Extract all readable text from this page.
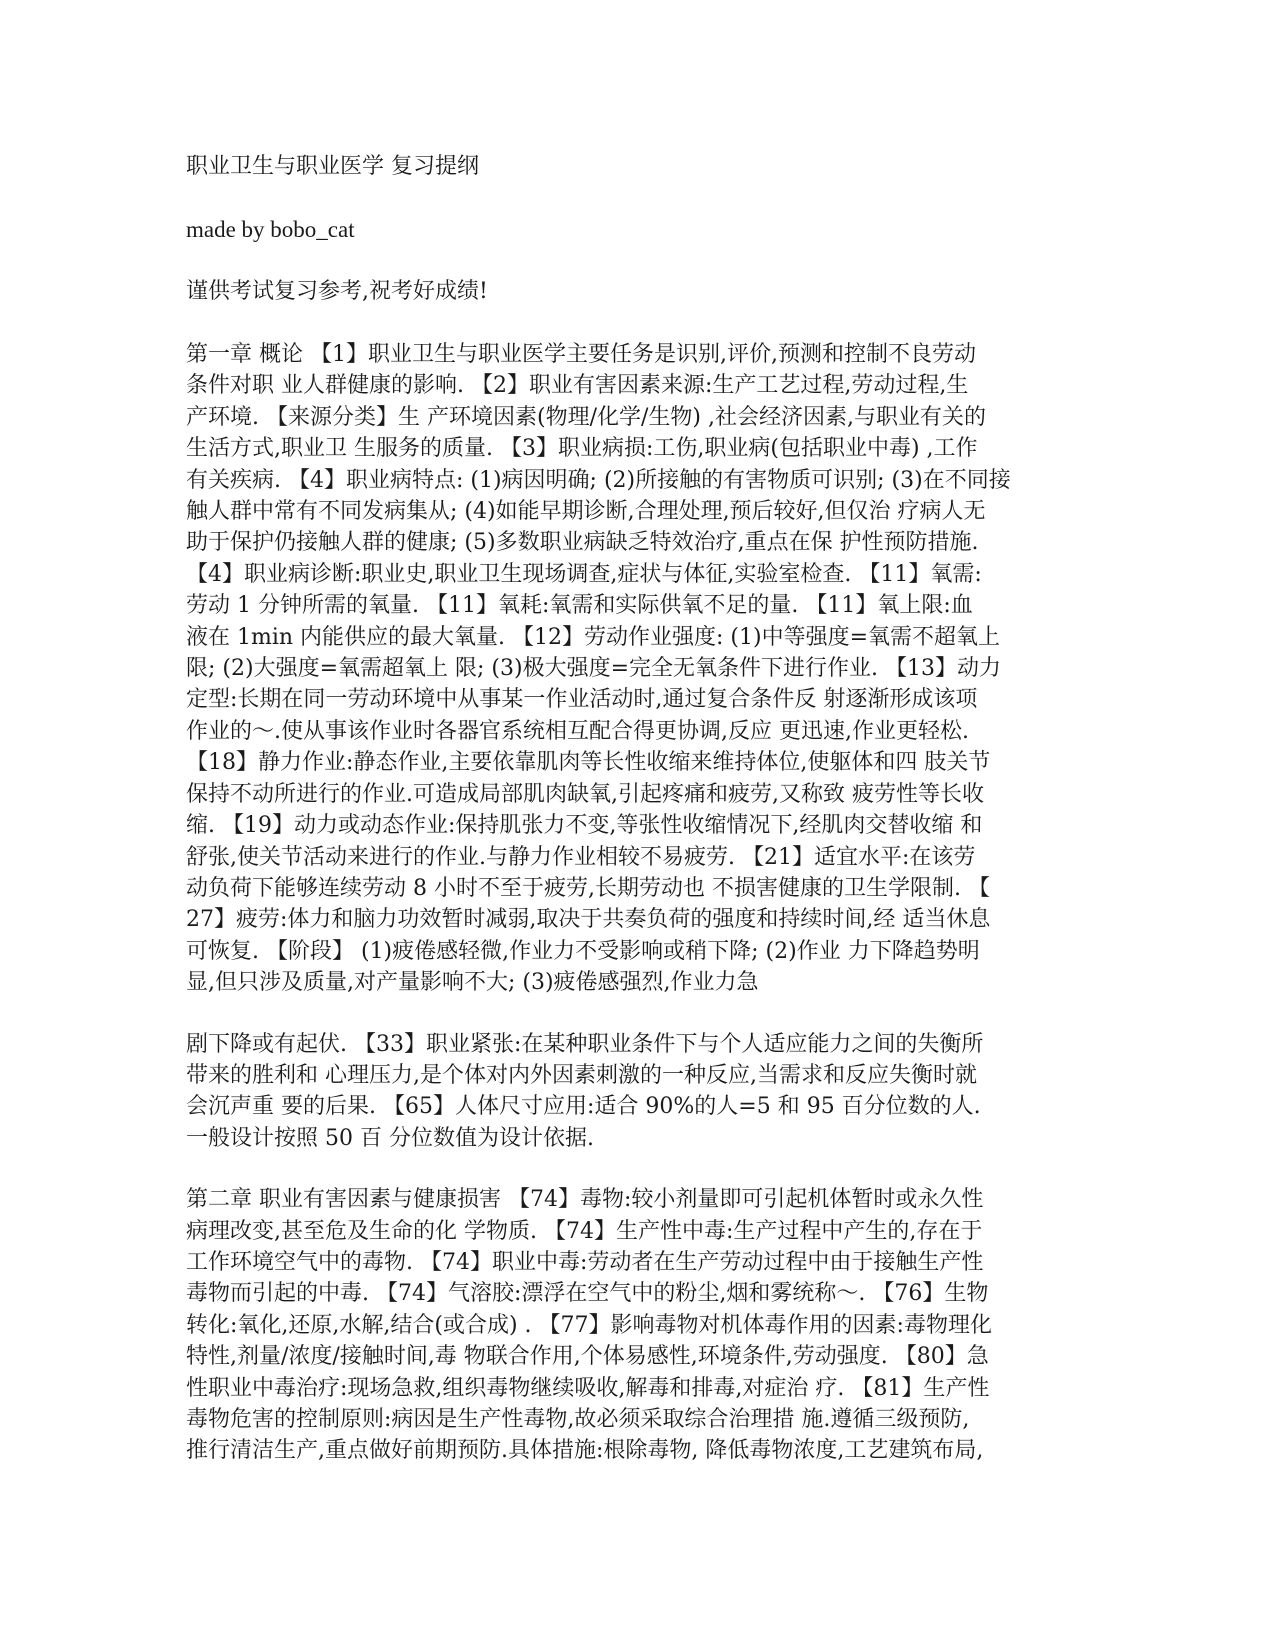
职业卫生与职业医学 复习提纲

made by bobo_cat

谨供考试复习参考,祝考好成绩!

第一章 概论 【1】职业卫生与职业医学主要任务是识别,评价,预测和控制不良劳动
条件对职 业人群健康的影响. 【2】职业有害因素来源:生产工艺过程,劳动过程,生
产环境. 【来源分类】生 产环境因素(物理/化学/生物) ,社会经济因素,与职业有关的
生活方式,职业卫 生服务的质量. 【3】职业病损:工伤,职业病(包括职业中毒) ,工作
有关疾病. 【4】职业病特点: (1)病因明确; (2)所接触的有害物质可识别; (3)在不同接
触人群中常有不同发病集从; (4)如能早期诊断,合理处理,预后较好,但仅治 疗病人无
助于保护仍接触人群的健康; (5)多数职业病缺乏特效治疗,重点在保 护性预防措施.
【4】职业病诊断:职业史,职业卫生现场调查,症状与体征,实验室检查. 【11】氧需:
劳动 1 分钟所需的氧量. 【11】氧耗:氧需和实际供氧不足的量. 【11】氧上限:血
液在 1min 内能供应的最大氧量. 【12】劳动作业强度: (1)中等强度=氧需不超氧上
限; (2)大强度=氧需超氧上 限; (3)极大强度=完全无氧条件下进行作业. 【13】动力
定型:长期在同一劳动环境中从事某一作业活动时,通过复合条件反 射逐渐形成该项
作业的～.使从事该作业时各器官系统相互配合得更协调,反应 更迅速,作业更轻松.
【18】静力作业:静态作业,主要依靠肌肉等长性收缩来维持体位,使躯体和四 肢关节
保持不动所进行的作业.可造成局部肌肉缺氧,引起疼痛和疲劳,又称致 疲劳性等长收
缩. 【19】动力或动态作业:保持肌张力不变,等张性收缩情况下,经肌肉交替收缩 和
舒张,使关节活动来进行的作业.与静力作业相较不易疲劳. 【21】适宜水平:在该劳
动负荷下能够连续劳动 8 小时不至于疲劳,长期劳动也 不损害健康的卫生学限制. 【
27】疲劳:体力和脑力功效暂时减弱,取决于共奏负荷的强度和持续时间,经 适当休息
可恢复. 【阶段】 (1)疲倦感轻微,作业力不受影响或稍下降; (2)作业 力下降趋势明
显,但只涉及质量,对产量影响不大; (3)疲倦感强烈,作业力急

剧下降或有起伏. 【33】职业紧张:在某种职业条件下与个人适应能力之间的失衡所
带来的胜利和 心理压力,是个体对内外因素刺激的一种反应,当需求和反应失衡时就
会沉声重 要的后果. 【65】人体尺寸应用:适合 90%的人=5 和 95 百分位数的人.
一般设计按照 50 百 分位数值为设计依据.

第二章 职业有害因素与健康损害 【74】毒物:较小剂量即可引起机体暂时或永久性
病理改变,甚至危及生命的化 学物质. 【74】生产性中毒:生产过程中产生的,存在于
工作环境空气中的毒物. 【74】职业中毒:劳动者在生产劳动过程中由于接触生产性
毒物而引起的中毒. 【74】气溶胶:漂浮在空气中的粉尘,烟和雾统称～. 【76】生物
转化:氧化,还原,水解,结合(或合成) . 【77】影响毒物对机体毒作用的因素:毒物理化
特性,剂量/浓度/接触时间,毒 物联合作用,个体易感性,环境条件,劳动强度. 【80】急
性职业中毒治疗:现场急救,组织毒物继续吸收,解毒和排毒,对症治 疗. 【81】生产性
毒物危害的控制原则:病因是生产性毒物,故必须采取综合治理措 施.遵循三级预防,
推行清洁生产,重点做好前期预防.具体措施:根除毒物, 降低毒物浓度,工艺建筑布局,
